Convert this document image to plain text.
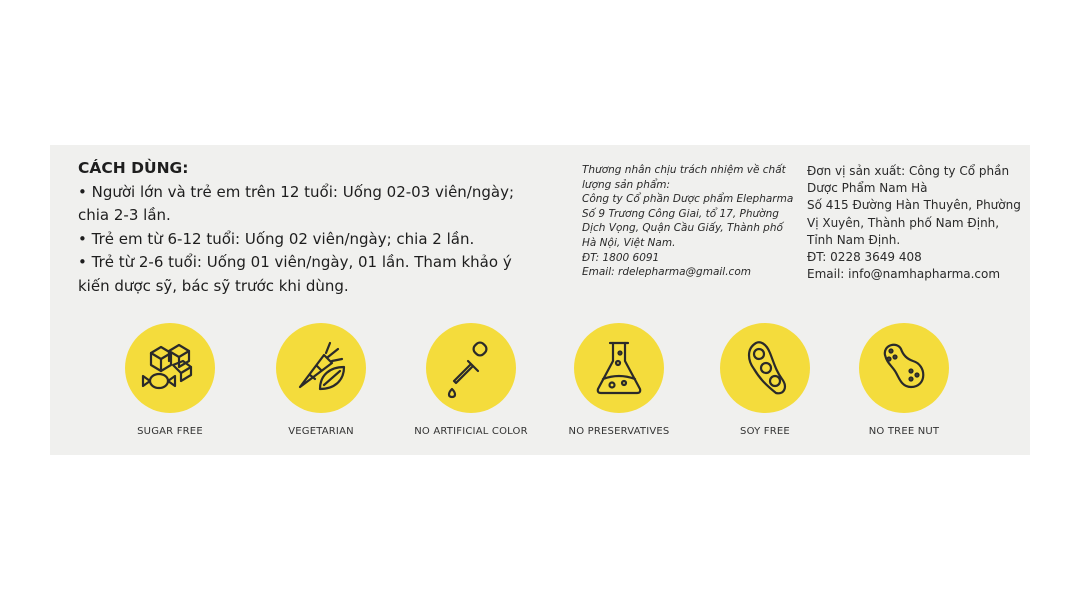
CÁCH DÙNG:

• Người lớn và trẻ em trên 12 tuổi: Uống 02-03 viên/ngày; chia 2-3 lần.

• Trẻ em từ 6-12 tuổi: Uống 02 viên/ngày; chia 2 lần.

• Trẻ từ 2-6 tuổi: Uống 01 viên/ngày, 01 lần. Tham khảo ý kiến dược sỹ, bác sỹ trước khi dùng.

Thương nhân chịu trách nhiệm về chất lượng sản phẩm:

Công ty Cổ phần Dược phẩm Elepharma

Số 9 Trương Công Giai, tổ 17, Phường Dịch Vọng, Quận Cầu Giấy, Thành phố Hà Nội, Việt Nam.

ĐT: 1800 6091

Email: rdelepharma@gmail.com

Đơn vị sản xuất: Công ty Cổ phần Dược Phẩm Nam Hà

Số 415 Đường Hàn Thuyên, Phường Vị Xuyên, Thành phố Nam Định, Tỉnh Nam Định.

ĐT: 0228 3649 408

Email: info@namhapharma.com

SUGAR FREE	VEGETARIAN	NO ARTIFICIAL COLOR	NO PRESERVATIVES	SOY FREE	NO TREE NUT
